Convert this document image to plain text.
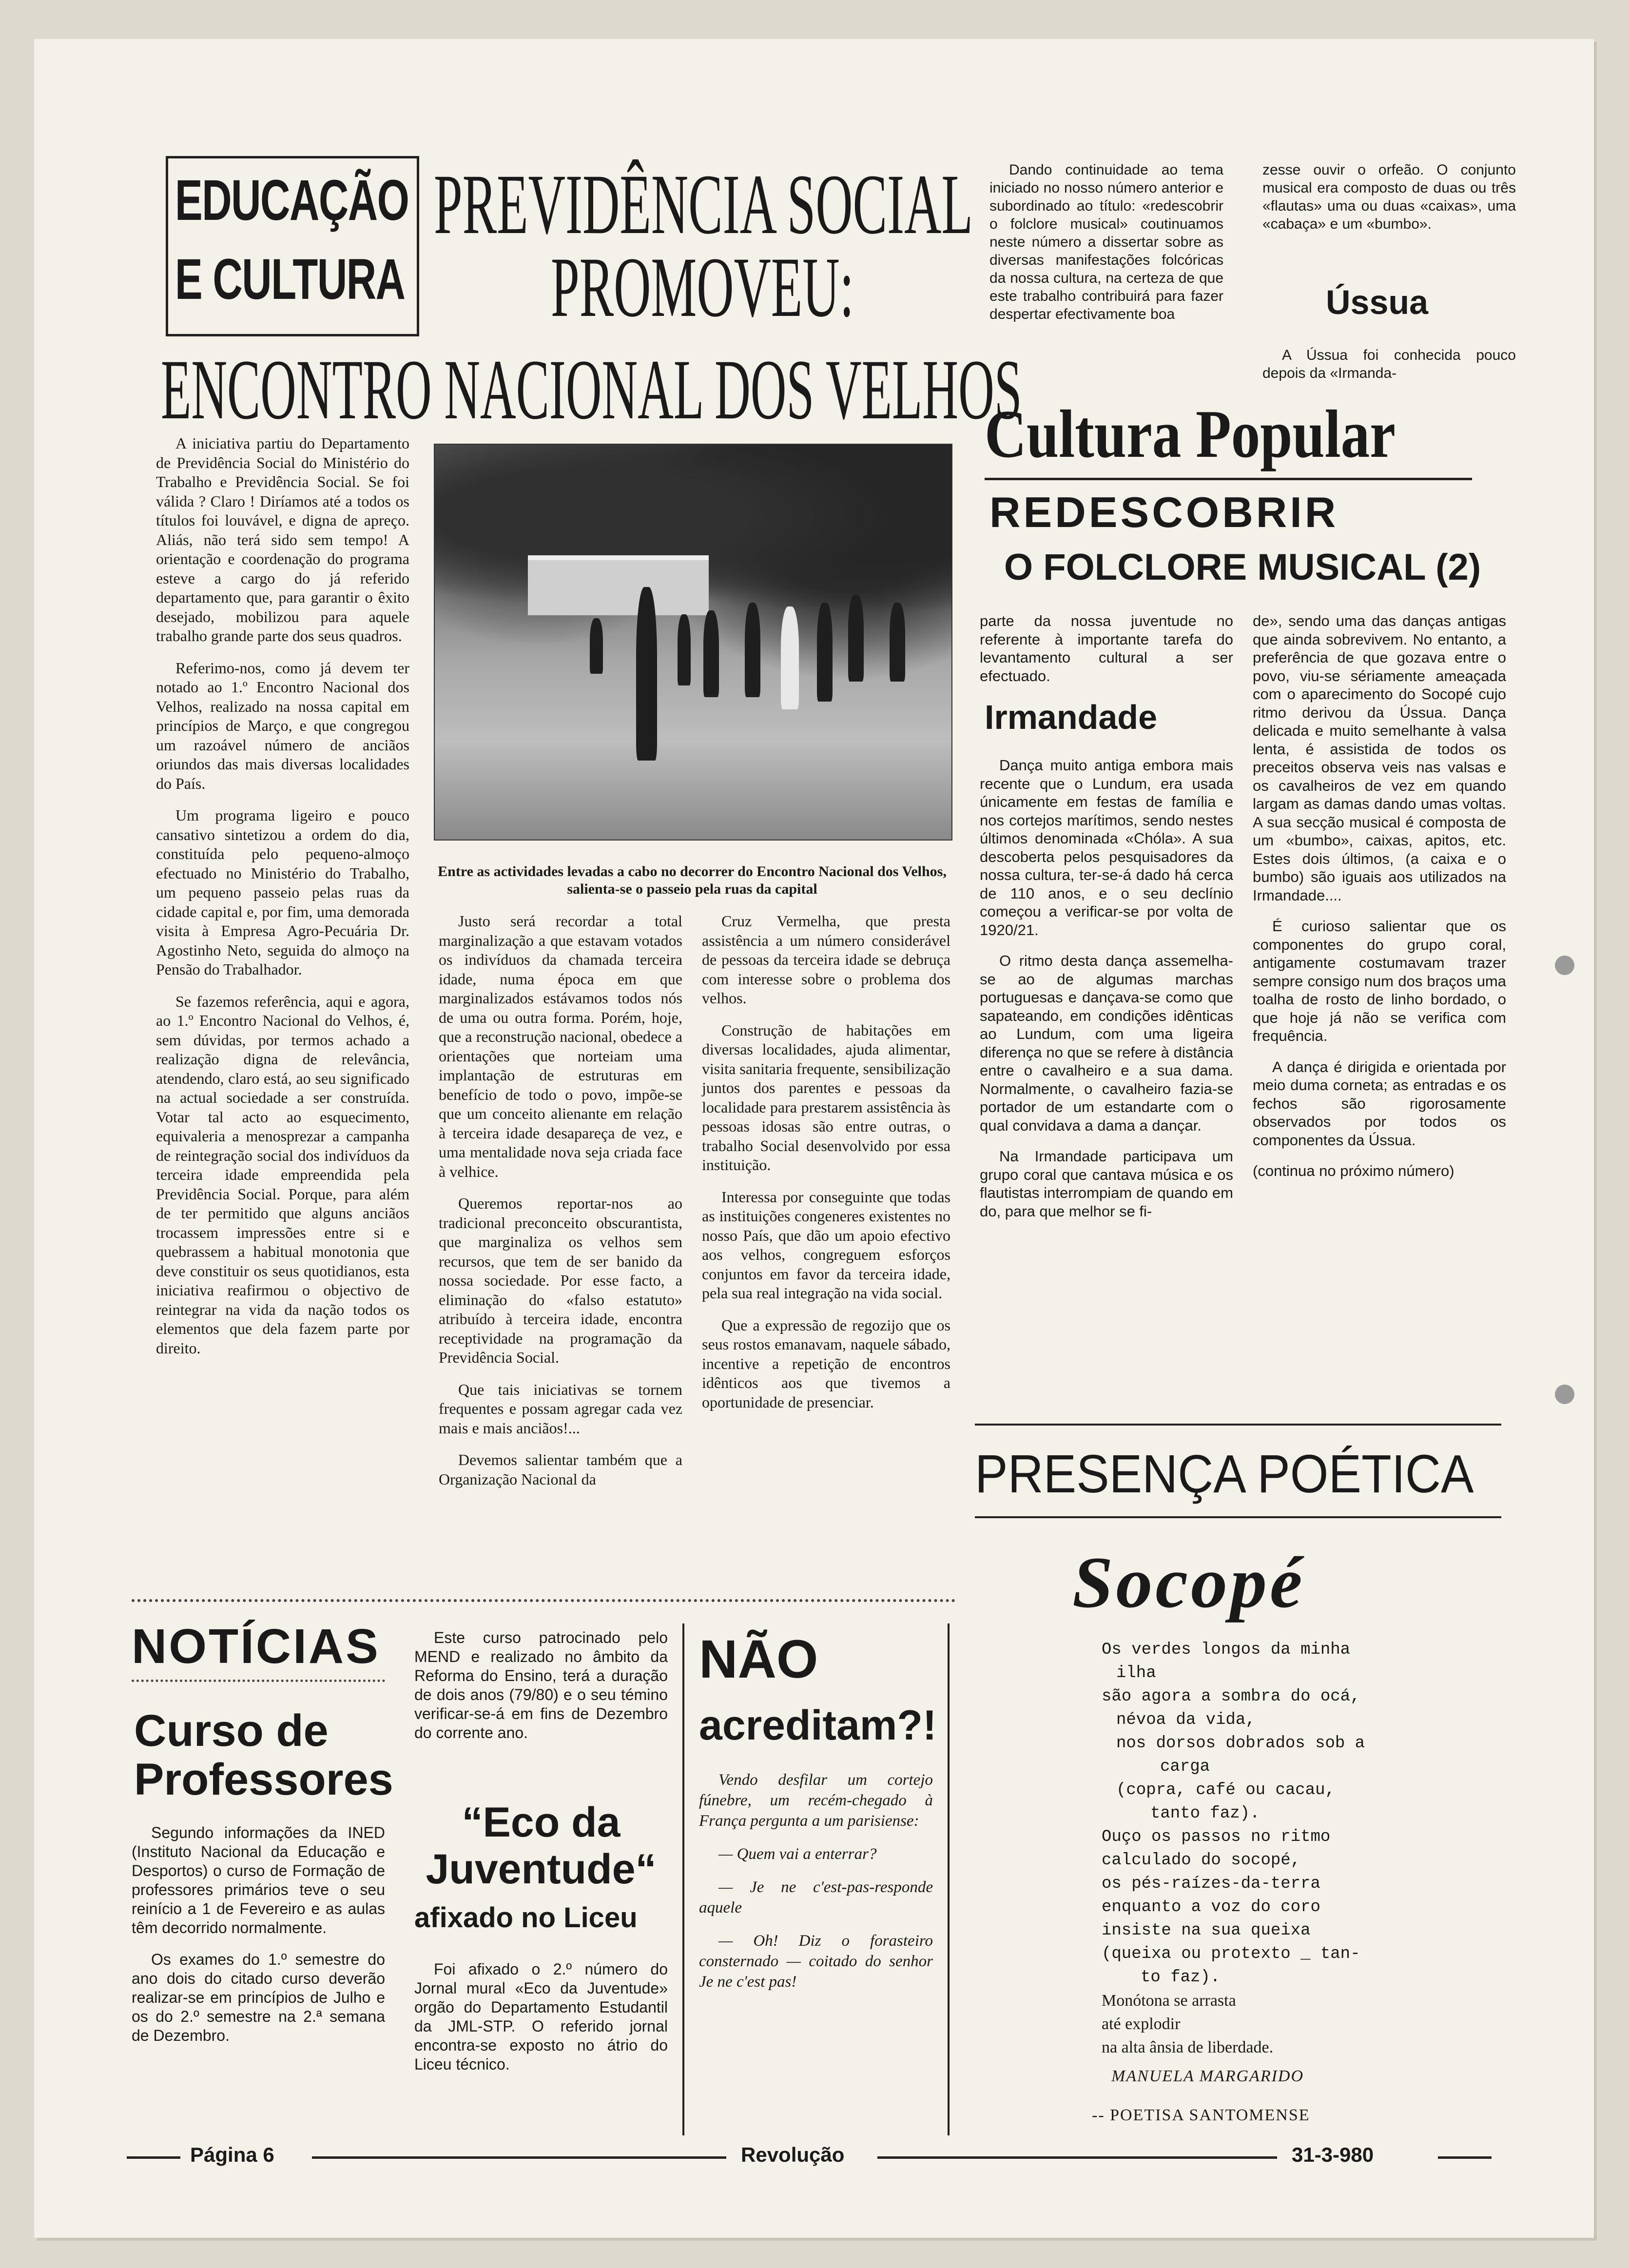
EDUCAÇÃO
E CULTURA
PREVIDÊNCIA SOCIAL
PROMOVEU:
ENCONTRO NACIONAL DOS VELHOS

A iniciativa partiu do Departamento de Previdência Social do Ministério do Trabalho e Previdência Social. Se foi válida ? Claro ! Diríamos até a todos os títulos foi louvável, e digna de apreço. Aliás, não terá sido sem tempo! A orientação e coordenação do programa esteve a cargo do já referido departamento que, para garantir o êxito desejado, mobilizou para aquele trabalho grande parte dos seus quadros.

Referimo-nos, como já devem ter notado ao 1.º Encontro Nacional dos Velhos, realizado na nossa capital em princípios de Março, e que congregou um razoável número de anciãos oriundos das mais diversas localidades do País.

Um programa ligeiro e pouco cansativo sintetizou a ordem do dia, constituída pelo pequeno-almoço efectuado no Ministério do Trabalho, um pequeno passeio pelas ruas da cidade capital e, por fim, uma demorada visita à Empresa Agro-Pecuária Dr. Agostinho Neto, seguida do almoço na Pensão do Trabalhador.

Se fazemos referência, aqui e agora, ao 1.º Encontro Nacional do Velhos, é, sem dúvidas, por termos achado a realização digna de relevância, atendendo, claro está, ao seu significado na actual sociedade a ser construída. Votar tal acto ao esquecimento, equivaleria a menosprezar a campanha de reintegração social dos indivíduos da terceira idade empreendida pela Previdência Social. Porque, para além de ter permitido que alguns anciãos trocassem impressões entre si e quebrassem a habitual monotonia que deve constituir os seus quotidianos, esta iniciativa reafirmou o objectivo de reintegrar na vida da nação todos os elementos que dela fazem parte por direito.

Entre as actividades levadas a cabo no decorrer do Encontro Nacional dos Velhos, salienta-se o passeio pela ruas da capital

Justo será recordar a total marginalização a que estavam votados os indivíduos da chamada terceira idade, numa época em que marginalizados estávamos todos nós de uma ou outra forma. Porém, hoje, que a reconstrução nacional, obedece a orientações que norteiam uma implantação de estruturas em benefício de todo o povo, impõe-se que um conceito alienante em relação à terceira idade desapareça de vez, e uma mentalidade nova seja criada face à velhice.

Queremos reportar-nos ao tradicional preconceito obscurantista, que marginaliza os velhos sem recursos, que tem de ser banido da nossa sociedade. Por esse facto, a eliminação do «falso estatuto» atribuído à terceira idade, encontra receptividade na programação da Previdência Social.

Que tais iniciativas se tornem frequentes e possam agregar cada vez mais e mais anciãos!...

Devemos salientar também que a Organização Nacional da

Cruz Vermelha, que presta assistência a um número considerável de pessoas da terceira idade se debruça com interesse sobre o problema dos velhos.

Construção de habitações em diversas localidades, ajuda alimentar, visita sanitaria frequente, sensibilização juntos dos parentes e pessoas da localidade para prestarem assistência às pessoas idosas são entre outras, o trabalho Social desenvolvido por essa instituição.

Interessa por conseguinte que todas as instituições congeneres existentes no nosso País, que dão um apoio efectivo aos velhos, congreguem esforços conjuntos em favor da terceira idade, pela sua real integração na vida social.

Que a expressão de regozijo que os seus rostos emanavam, naquele sábado, incentive a repetição de encontros idênticos aos que tivemos a oportunidade de presenciar.

Dando continuidade ao tema iniciado no nosso número anterior e subordinado ao título: «redescobrir o folclore musical» coutinuamos neste número a dissertar sobre as diversas manifestações folcóricas da nossa cultura, na certeza de que este trabalho contribuirá para fazer despertar efectivamente boa
zesse ouvir o orfeão. O conjunto musical era composto de duas ou três «flautas» uma ou duas «caixas», uma «cabaça» e um «bumbo».
Ússua
A Ússua foi conhecida pouco depois da «Irmanda-
Cultura Popular
REDESCOBRIR
O FOLCLORE MUSICAL (2)

parte da nossa juventude no referente à importante tarefa do levantamento cultural a ser efectuado.

Irmandade

Dança muito antiga embora mais recente que o Lundum, era usada únicamente em festas de família e nos cortejos marítimos, sendo nestes últimos denominada «Chóla». A sua descoberta pelos pesquisadores da nossa cultura, ter-se-á dado há cerca de 110 anos, e o seu declínio começou a verificar-se por volta de 1920/21.

O ritmo desta dança assemelha-se ao de algumas marchas portuguesas e dançava-se como que sapateando, em condições idênticas ao Lundum, com uma ligeira diferença no que se refere à distância entre o cavalheiro e a sua dama. Normalmente, o cavalheiro fazia-se portador de um estandarte com o qual convidava a dama a dançar.

Na Irmandade participava um grupo coral que cantava música e os flautistas interrompiam de quando em do, para que melhor se fi-

de», sendo uma das danças antigas que ainda sobrevivem. No entanto, a preferência de que gozava entre o povo, viu-se sériamente ameaçada com o aparecimento do Socopé cujo ritmo derivou da Ússua. Dança delicada e muito semelhante à valsa lenta, é assistida de todos os preceitos observa veis nas valsas e os cavalheiros de vez em quando largam as damas dando umas voltas. A sua secção musical é composta de um «bumbo», caixas, apitos, etc. Estes dois últimos, (a caixa e o bumbo) são iguais aos utilizados na Irmandade....

É curioso salientar que os componentes do grupo coral, antigamente costumavam trazer sempre consigo num dos braços uma toalha de rosto de linho bordado, o que hoje já não se verifica com frequência.

A dança é dirigida e orientada por meio duma corneta; as entradas e os fechos são rigorosamente observados por todos os componentes da Ússua.

(continua no próximo número)

NOTÍCIAS
Curso de Professores

Segundo informações da INED (Instituto Nacional da Educação e Desportos) o curso de Formação de professores primários teve o seu reinício a 1 de Fevereiro e as aulas têm decorrido normalmente.

Os exames do 1.º semestre do ano dois do citado curso deverão realizar-se em princípios de Julho e os do 2.º semestre na 2.ª semana de Dezembro.

Este curso patrocinado pelo MEND e realizado no âmbito da Reforma do Ensino, terá a duração de dois anos (79/80) e o seu témino verificar-se-á em fins de Dezembro do corrente ano.
“Eco da Juventude“
afixado no Liceu
Foi afixado o 2.º número do Jornal mural «Eco da Juventude» orgão do Departamento Estudantil da JML-STP. O referido jornal encontra-se exposto no átrio do Liceu técnico.
NÃO
acreditam?!

Vendo desfilar um cortejo fúnebre, um recém-chegado à França pergunta a um parisiense:

— Quem vai a enterrar?

— Je ne c'est-pas-responde aquele

— Oh! Diz o forasteiro consternado — coitado do senhor Je ne c'est pas!

PRESENÇA POÉTICA
Socopé
Os verdes longos da minha
ilha
são agora a sombra do ocá,
névoa da vida,
nos dorsos dobrados sob a
carga
(copra, café ou cacau,
tanto faz).
Ouço os passos no ritmo
calculado do socopé,
os pés-raízes-da-terra
enquanto a voz do coro
insiste na sua queixa
(queixa ou protexto _ tan-
to faz).
Monótona se arrasta
até explodir
na alta ânsia de liberdade.
MANUELA MARGARIDO
-- POETISA SANTOMENSE
Página 6	Revolução	31-3-980
